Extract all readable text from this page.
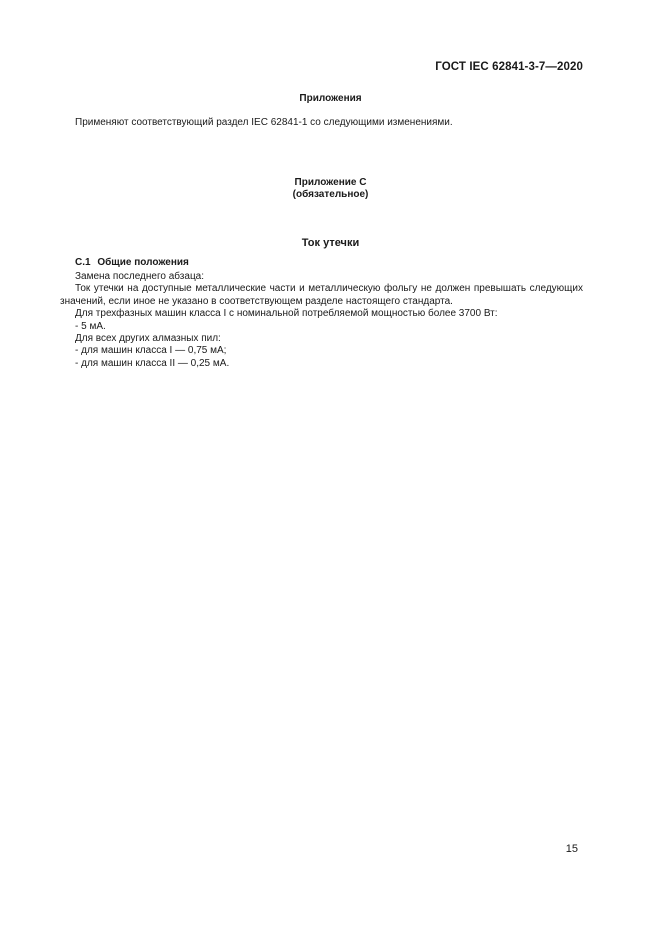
ГОСТ IEC 62841-3-7—2020
Приложения
Применяют соответствующий раздел IEC 62841-1 со следующими изменениями.
Приложение С
(обязательное)
Ток утечки
С.1 Общие положения

Замена последнего абзаца:

Ток утечки на доступные металлические части и металлическую фольгу не должен превышать следующих значений, если иное не указано в соответствующем разделе настоящего стандарта.

Для трехфазных машин класса I с номинальной потребляемой мощностью более 3700 Вт:

- 5 мА.

Для всех других алмазных пил:

- для машин класса I — 0,75 мА;

- для машин класса II — 0,25 мА.

15
